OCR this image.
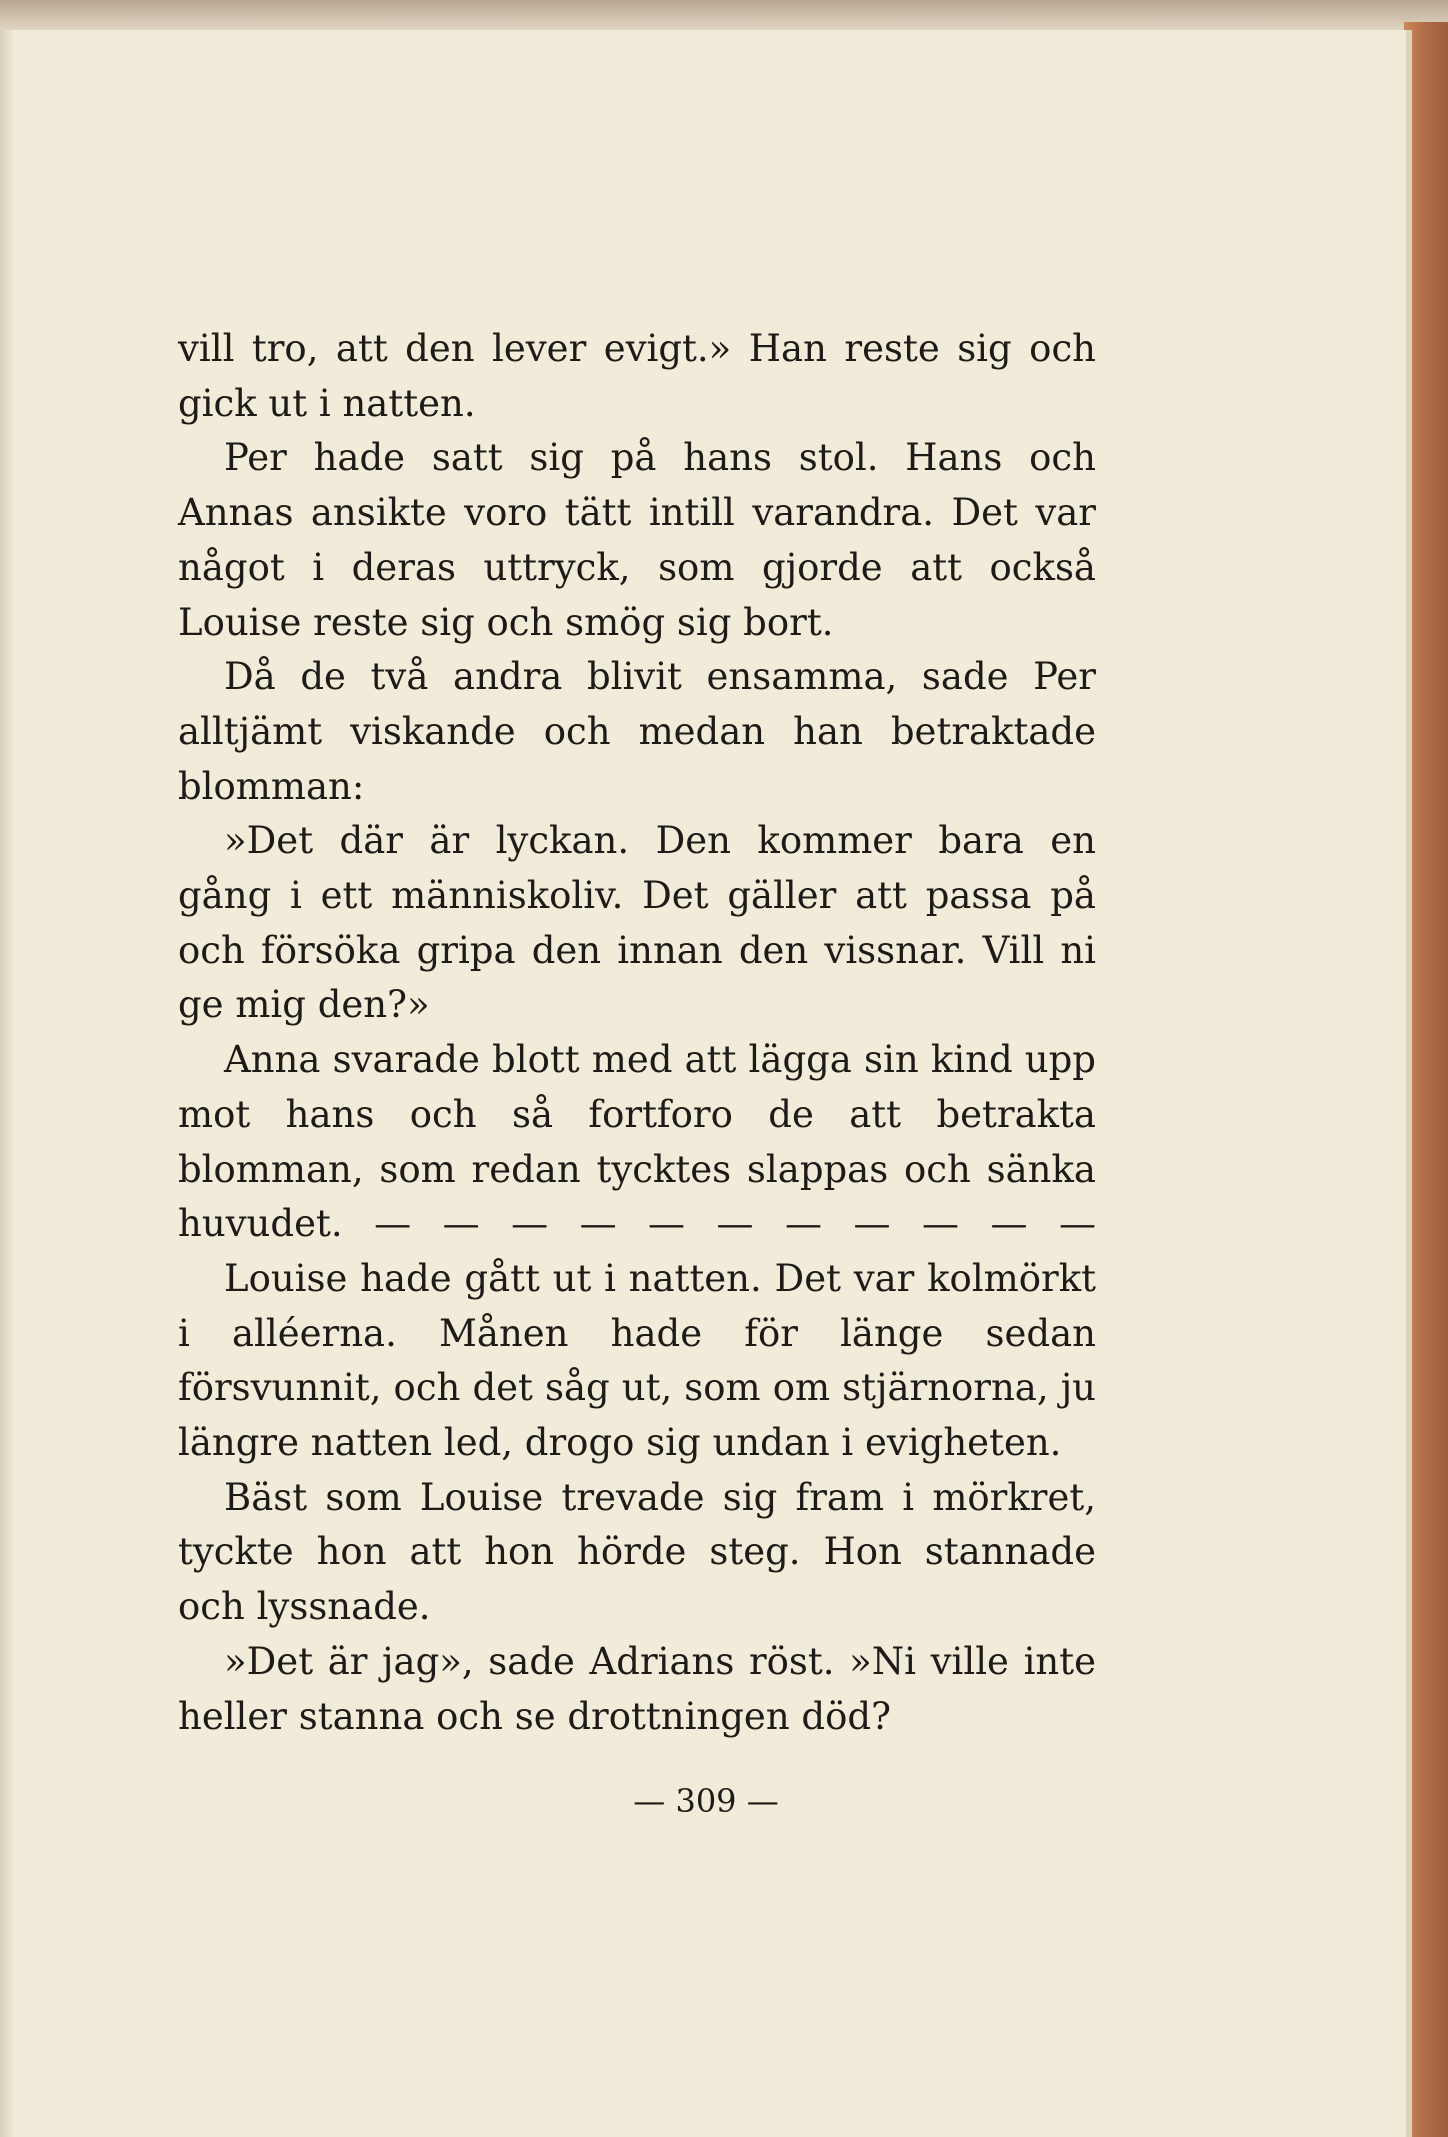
vill tro, att den lever evigt.» Han reste sig och gick ut i natten.

Per hade satt sig på hans stol. Hans och Annas ansikte voro tätt intill varandra. Det var något i deras uttryck, som gjorde att också Louise reste sig och smög sig bort.

Då de två andra blivit ensamma, sade Per alltjämt viskande och medan han betraktade blomman:

»Det där är lyckan. Den kommer bara en gång i ett människoliv. Det gäller att passa på och försöka gripa den innan den vissnar. Vill ni ge mig den?»

Anna svarade blott med att lägga sin kind upp mot hans och så fortforo de att betrakta blomman, som redan tycktes slappas och sänka huvudet. — — — — — — — — — — —

Louise hade gått ut i natten. Det var kolmörkt i alléerna. Månen hade för länge sedan försvunnit, och det såg ut, som om stjärnorna, ju längre natten led, drogo sig undan i evigheten.

Bäst som Louise trevade sig fram i mörkret, tyckte hon att hon hörde steg. Hon stannade och lyssnade.

»Det är jag», sade Adrians röst. »Ni ville inte heller stanna och se drottningen död?

— 309 —
